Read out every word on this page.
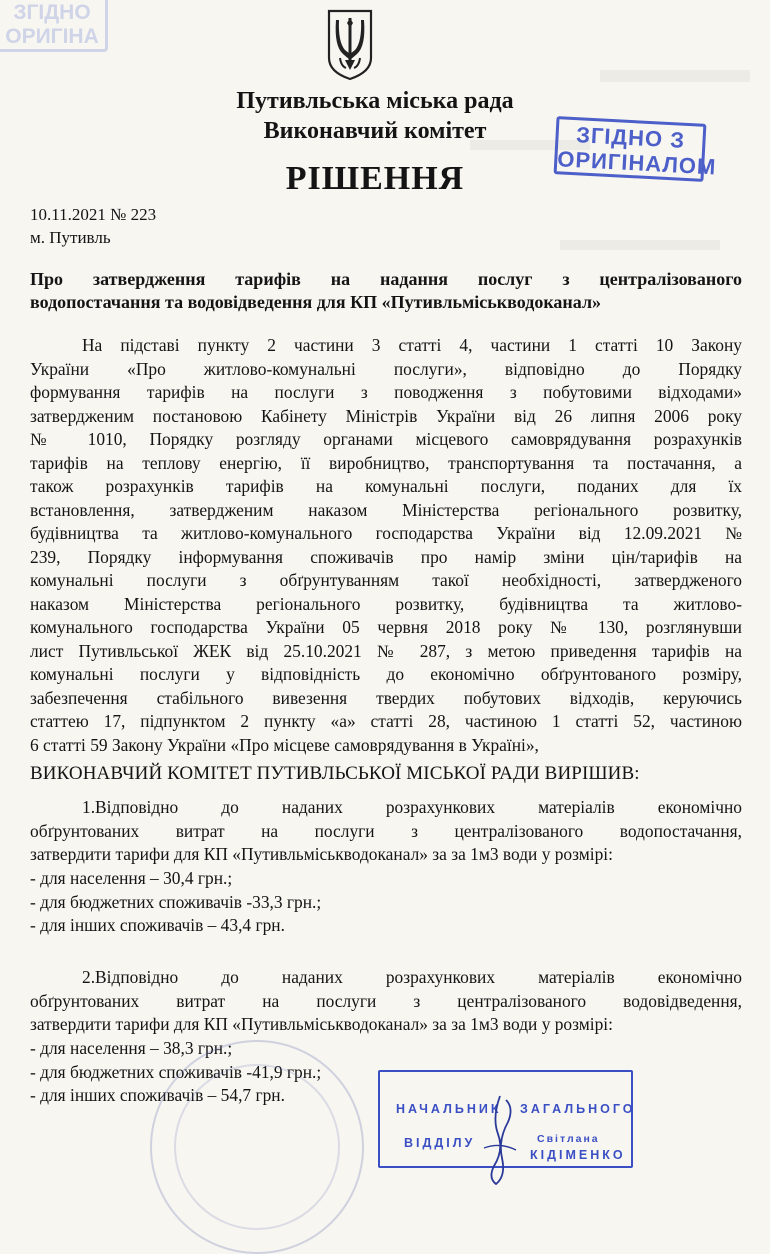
ЗГІДНО
ОРИГІНА
Путивльська міська рада
Виконавчий комітет
РІШЕННЯ
ЗГІДНО З
ОРИГІНАЛОМ
10.11.2021 № 223
м. Путивль
Про затвердження тарифів на надання послуг з централізованого
водопостачання та водовідведення для КП «Путивльміськводоканал»
На підставі пункту 2 частини 3 статті 4, частини 1 статті 10 Закону
України «Про житлово-комунальні послуги», відповідно до Порядку
формування тарифів на послуги з поводження з побутовими відходами»
затвердженим постановою Кабінету Міністрів України від 26 липня 2006 року
№ 1010, Порядку розгляду органами місцевого самоврядування розрахунків
тарифів на теплову енергію, її виробництво, транспортування та постачання, а
також розрахунків тарифів на комунальні послуги, поданих для їх
встановлення, затвердженим наказом Міністерства регіонального розвитку,
будівництва та житлово-комунального господарства України від 12.09.2021 №
239, Порядку інформування споживачів про намір зміни цін/тарифів на
комунальні послуги з обґрунтуванням такої необхідності, затвердженого
наказом Міністерства регіонального розвитку, будівництва та житлово-
комунального господарства України 05 червня 2018 року № 130, розглянувши
лист Путивльської ЖЕК від 25.10.2021 № 287, з метою приведення тарифів на
комунальні послуги у відповідність до економічно обґрунтованого розміру,
забезпечення стабільного вивезення твердих побутових відходів, керуючись
статтею 17, підпунктом 2 пункту «а» статті 28, частиною 1 статті 52, частиною
6 статті 59 Закону України «Про місцеве самоврядування в Україні»,
ВИКОНАВЧИЙ КОМІТЕТ ПУТИВЛЬСЬКОЇ МІСЬКОЇ РАДИ ВИРІШИВ:
1.Відповідно до наданих розрахункових матеріалів економічно
обґрунтованих витрат на послуги з централізованого водопостачання,
затвердити тарифи для КП «Путивльміськводоканал» за за 1м3 води у розмірі:
- для населення – 30,4 грн.;
- для бюджетних споживачів -33,3 грн.;
- для інших споживачів – 43,4 грн.
2.Відповідно до наданих розрахункових матеріалів економічно
обґрунтованих витрат на послуги з централізованого водовідведення,
затвердити тарифи для КП «Путивльміськводоканал» за за 1м3 води у розмірі:
- для населення – 38,3 грн.;
- для бюджетних споживачів -41,9 грн.;
- для інших споживачів – 54,7 грн.
НАЧАЛЬНИК ЗАГАЛЬНОГО
ВІДДІЛУ	Світлана
КІДІМЕНКО
